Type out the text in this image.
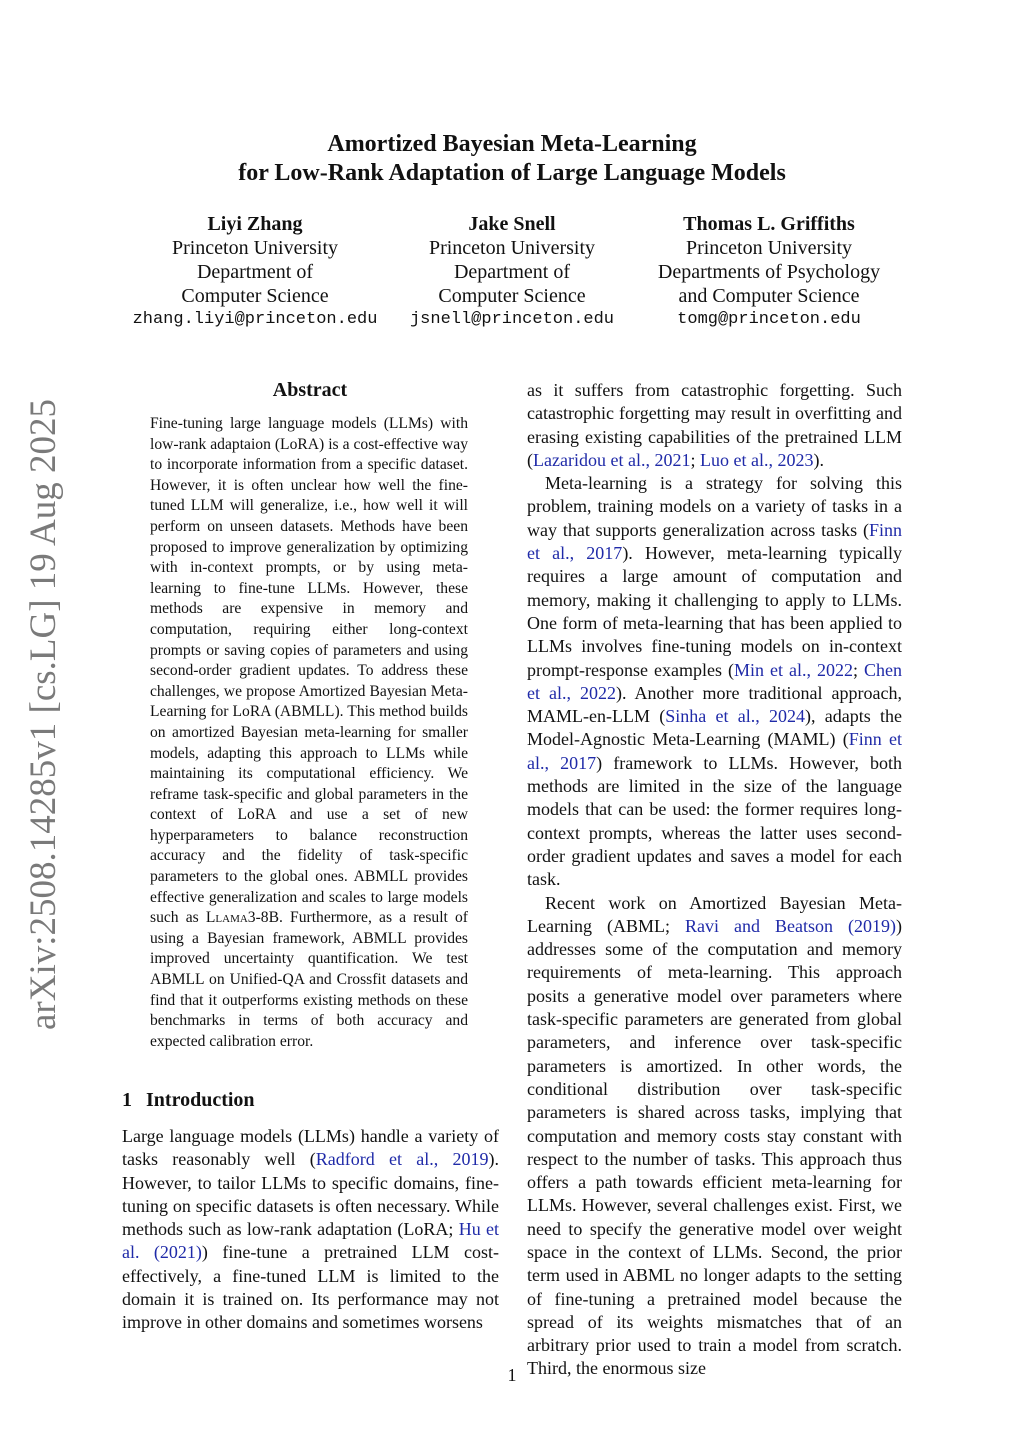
Amortized Bayesian Meta-Learning
for Low-Rank Adaptation of Large Language Models
Liyi Zhang
Princeton University
Department of
Computer Science
zhang.liyi@princeton.edu
Jake Snell
Princeton University
Department of
Computer Science
jsnell@princeton.edu
Thomas L. Griffiths
Princeton University
Departments of Psychology
and Computer Science
tomg@princeton.edu
arXiv:2508.14285v1 [cs.LG] 19 Aug 2025
Abstract
Fine-tuning large language models (LLMs) with low-rank adaptaion (LoRA) is a cost-effective way to incorporate information from a specific dataset. However, it is often unclear how well the fine-tuned LLM will generalize, i.e., how well it will perform on unseen datasets. Methods have been proposed to improve generalization by optimizing with in-context prompts, or by using meta-learning to fine-tune LLMs. However, these methods are expensive in memory and computation, requiring either long-context prompts or saving copies of parameters and using second-order gradient updates. To address these challenges, we propose Amortized Bayesian Meta-Learning for LoRA (ABMLL). This method builds on amortized Bayesian meta-learning for smaller models, adapting this approach to LLMs while maintaining its computational efficiency. We reframe task-specific and global parameters in the context of LoRA and use a set of new hyperparameters to balance reconstruction accuracy and the fidelity of task-specific parameters to the global ones. ABMLL provides effective generalization and scales to large models such as Llama3-8B. Furthermore, as a result of using a Bayesian framework, ABMLL provides improved uncertainty quantification. We test ABMLL on Unified-QA and Crossfit datasets and find that it outperforms existing methods on these benchmarks in terms of both accuracy and expected calibration error.
1 Introduction
Large language models (LLMs) handle a variety of tasks reasonably well (Radford et al., 2019). However, to tailor LLMs to specific domains, fine-tuning on specific datasets is often necessary. While methods such as low-rank adaptation (LoRA; Hu et al. (2021)) fine-tune a pretrained LLM cost-effectively, a fine-tuned LLM is limited to the domain it is trained on. Its performance may not improve in other domains and sometimes worsens

as it suffers from catastrophic forgetting. Such catastrophic forgetting may result in overfitting and erasing existing capabilities of the pretrained LLM (Lazaridou et al., 2021; Luo et al., 2023).

Meta-learning is a strategy for solving this problem, training models on a variety of tasks in a way that supports generalization across tasks (Finn et al., 2017). However, meta-learning typically requires a large amount of computation and memory, making it challenging to apply to LLMs. One form of meta-learning that has been applied to LLMs involves fine-tuning models on in-context prompt-response examples (Min et al., 2022; Chen et al., 2022). Another more traditional approach, MAML-en-LLM (Sinha et al., 2024), adapts the Model-Agnostic Meta-Learning (MAML) (Finn et al., 2017) framework to LLMs. However, both methods are limited in the size of the language models that can be used: the former requires long-context prompts, whereas the latter uses second-order gradient updates and saves a model for each task.

Recent work on Amortized Bayesian Meta-Learning (ABML; Ravi and Beatson (2019)) addresses some of the computation and memory requirements of meta-learning. This approach posits a generative model over parameters where task-specific parameters are generated from global parameters, and inference over task-specific parameters is amortized. In other words, the conditional distribution over task-specific parameters is shared across tasks, implying that computation and memory costs stay constant with respect to the number of tasks. This approach thus offers a path towards efficient meta-learning for LLMs. However, several challenges exist. First, we need to specify the generative model over weight space in the context of LLMs. Second, the prior term used in ABML no longer adapts to the setting of fine-tuning a pretrained model because the spread of its weights mismatches that of an arbitrary prior used to train a model from scratch. Third, the enormous size

1
